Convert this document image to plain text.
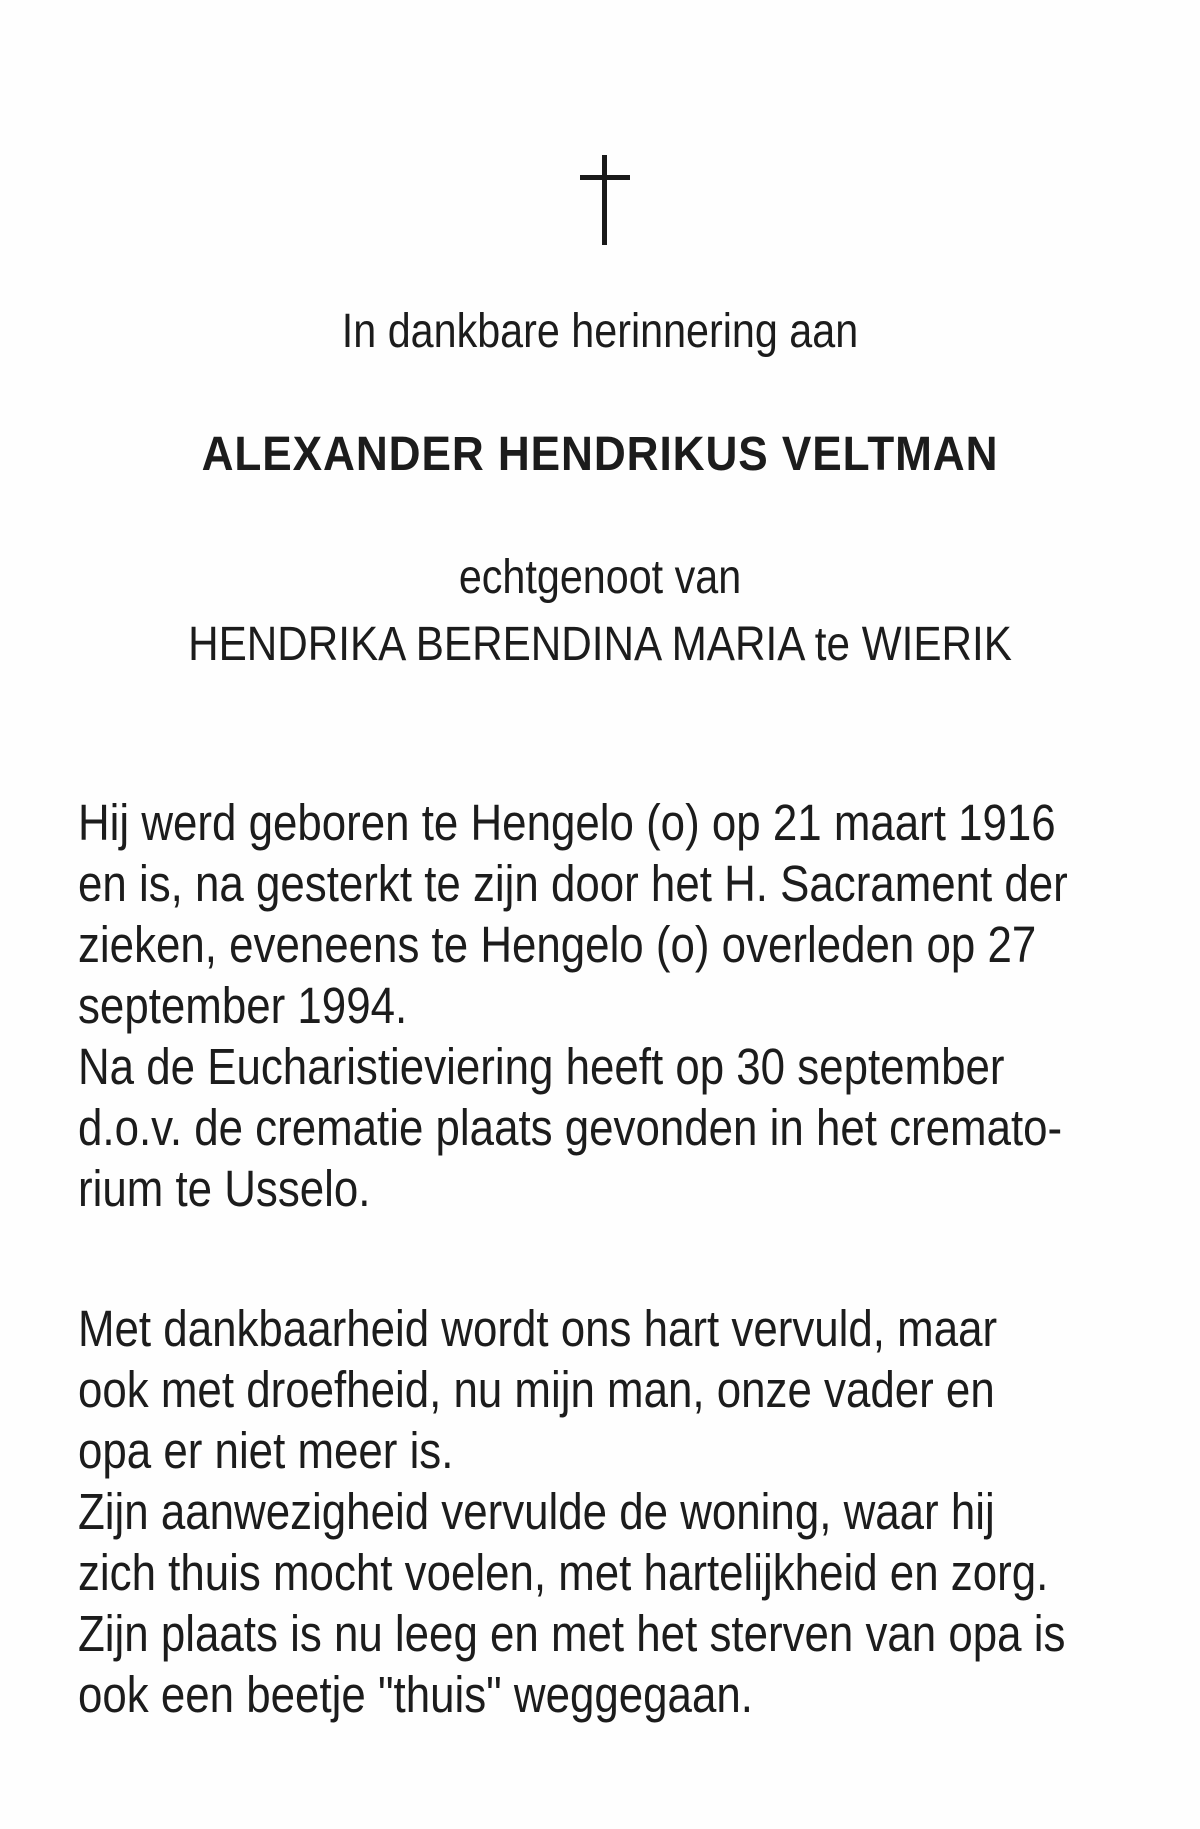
In dankbare herinnering aan
ALEXANDER HENDRIKUS VELTMAN
echtgenoot van
HENDRIKA BERENDINA MARIA te WIERIK
Hij werd geboren te Hengelo (o) op 21 maart 1916
en is, na gesterkt te zijn door het H. Sacrament der
zieken, eveneens te Hengelo (o) overleden op 27
september 1994.
Na de Eucharistieviering heeft op 30 september
d.o.v. de crematie plaats gevonden in het cremato-
rium te Usselo.
Met dankbaarheid wordt ons hart vervuld, maar
ook met droefheid, nu mijn man, onze vader en
opa er niet meer is.
Zijn aanwezigheid vervulde de woning, waar hij
zich thuis mocht voelen, met hartelijkheid en zorg.
Zijn plaats is nu leeg en met het sterven van opa is
ook een beetje "thuis" weggegaan.
